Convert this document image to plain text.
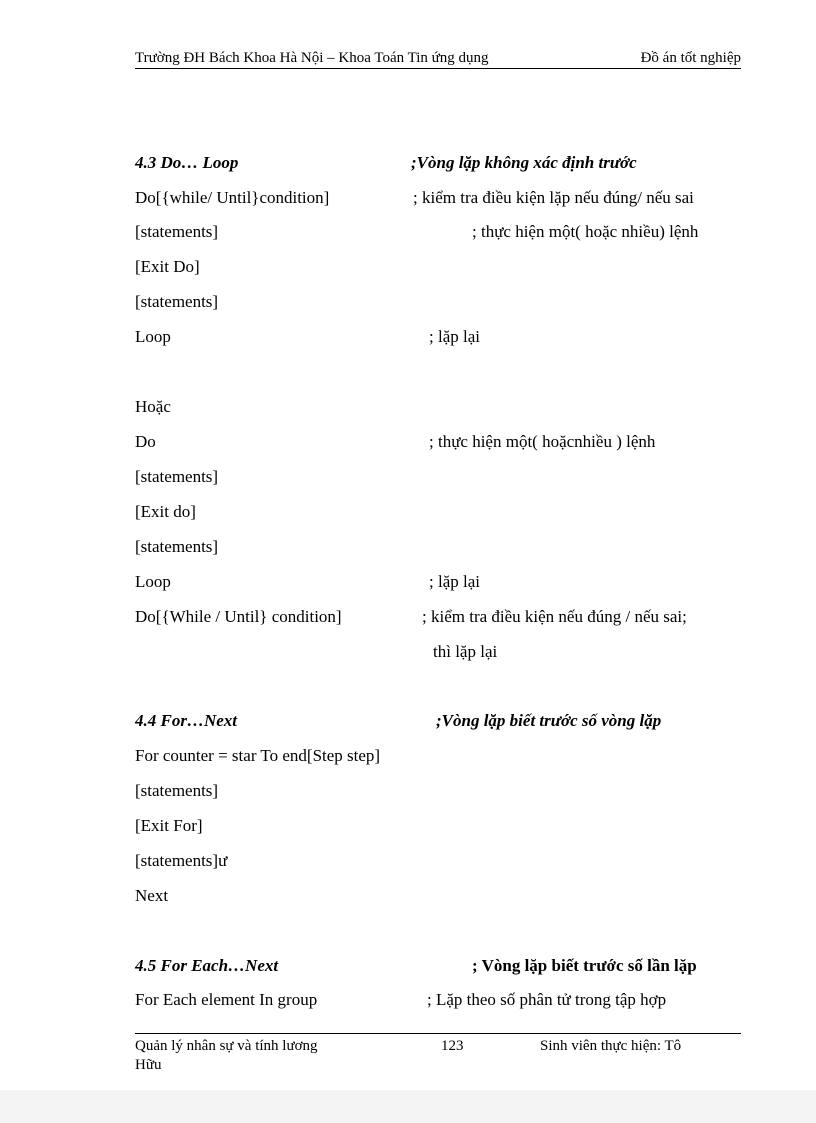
Trường ĐH Bách Khoa Hà Nội – Khoa Toán Tin ứng dụng	Đồ án tốt nghiệp
4.3 Do… Loop	;Vòng lặp không xác định trước
Do[{while/ Until}condition]	; kiểm tra điều kiện lặp nếu đúng/ nếu sai
[statements]	; thực hiện một( hoặc nhiều) lệnh
[Exit Do]
[statements]
Loop	; lặp lại
Hoặc
Do	; thực hiện một( hoặcnhiều ) lệnh
[statements]
[Exit do]
[statements]
Loop	; lặp lại
Do[{While / Until} condition]	; kiểm tra điều kiện nếu đúng / nếu sai;
thì lặp lại
4.4 For…Next	;Vòng lặp biết trước số vòng lặp
For counter = star To end[Step step]
[statements]
[Exit For]
[statements]ư
Next
4.5 For Each…Next	; Vòng lặp biết trước số lần lặp
For Each element In group	; Lặp theo số phân tử trong tập hợp
Quản lý nhân sự và tính lương
Hữu
123	Sinh viên thực hiện: Tô
